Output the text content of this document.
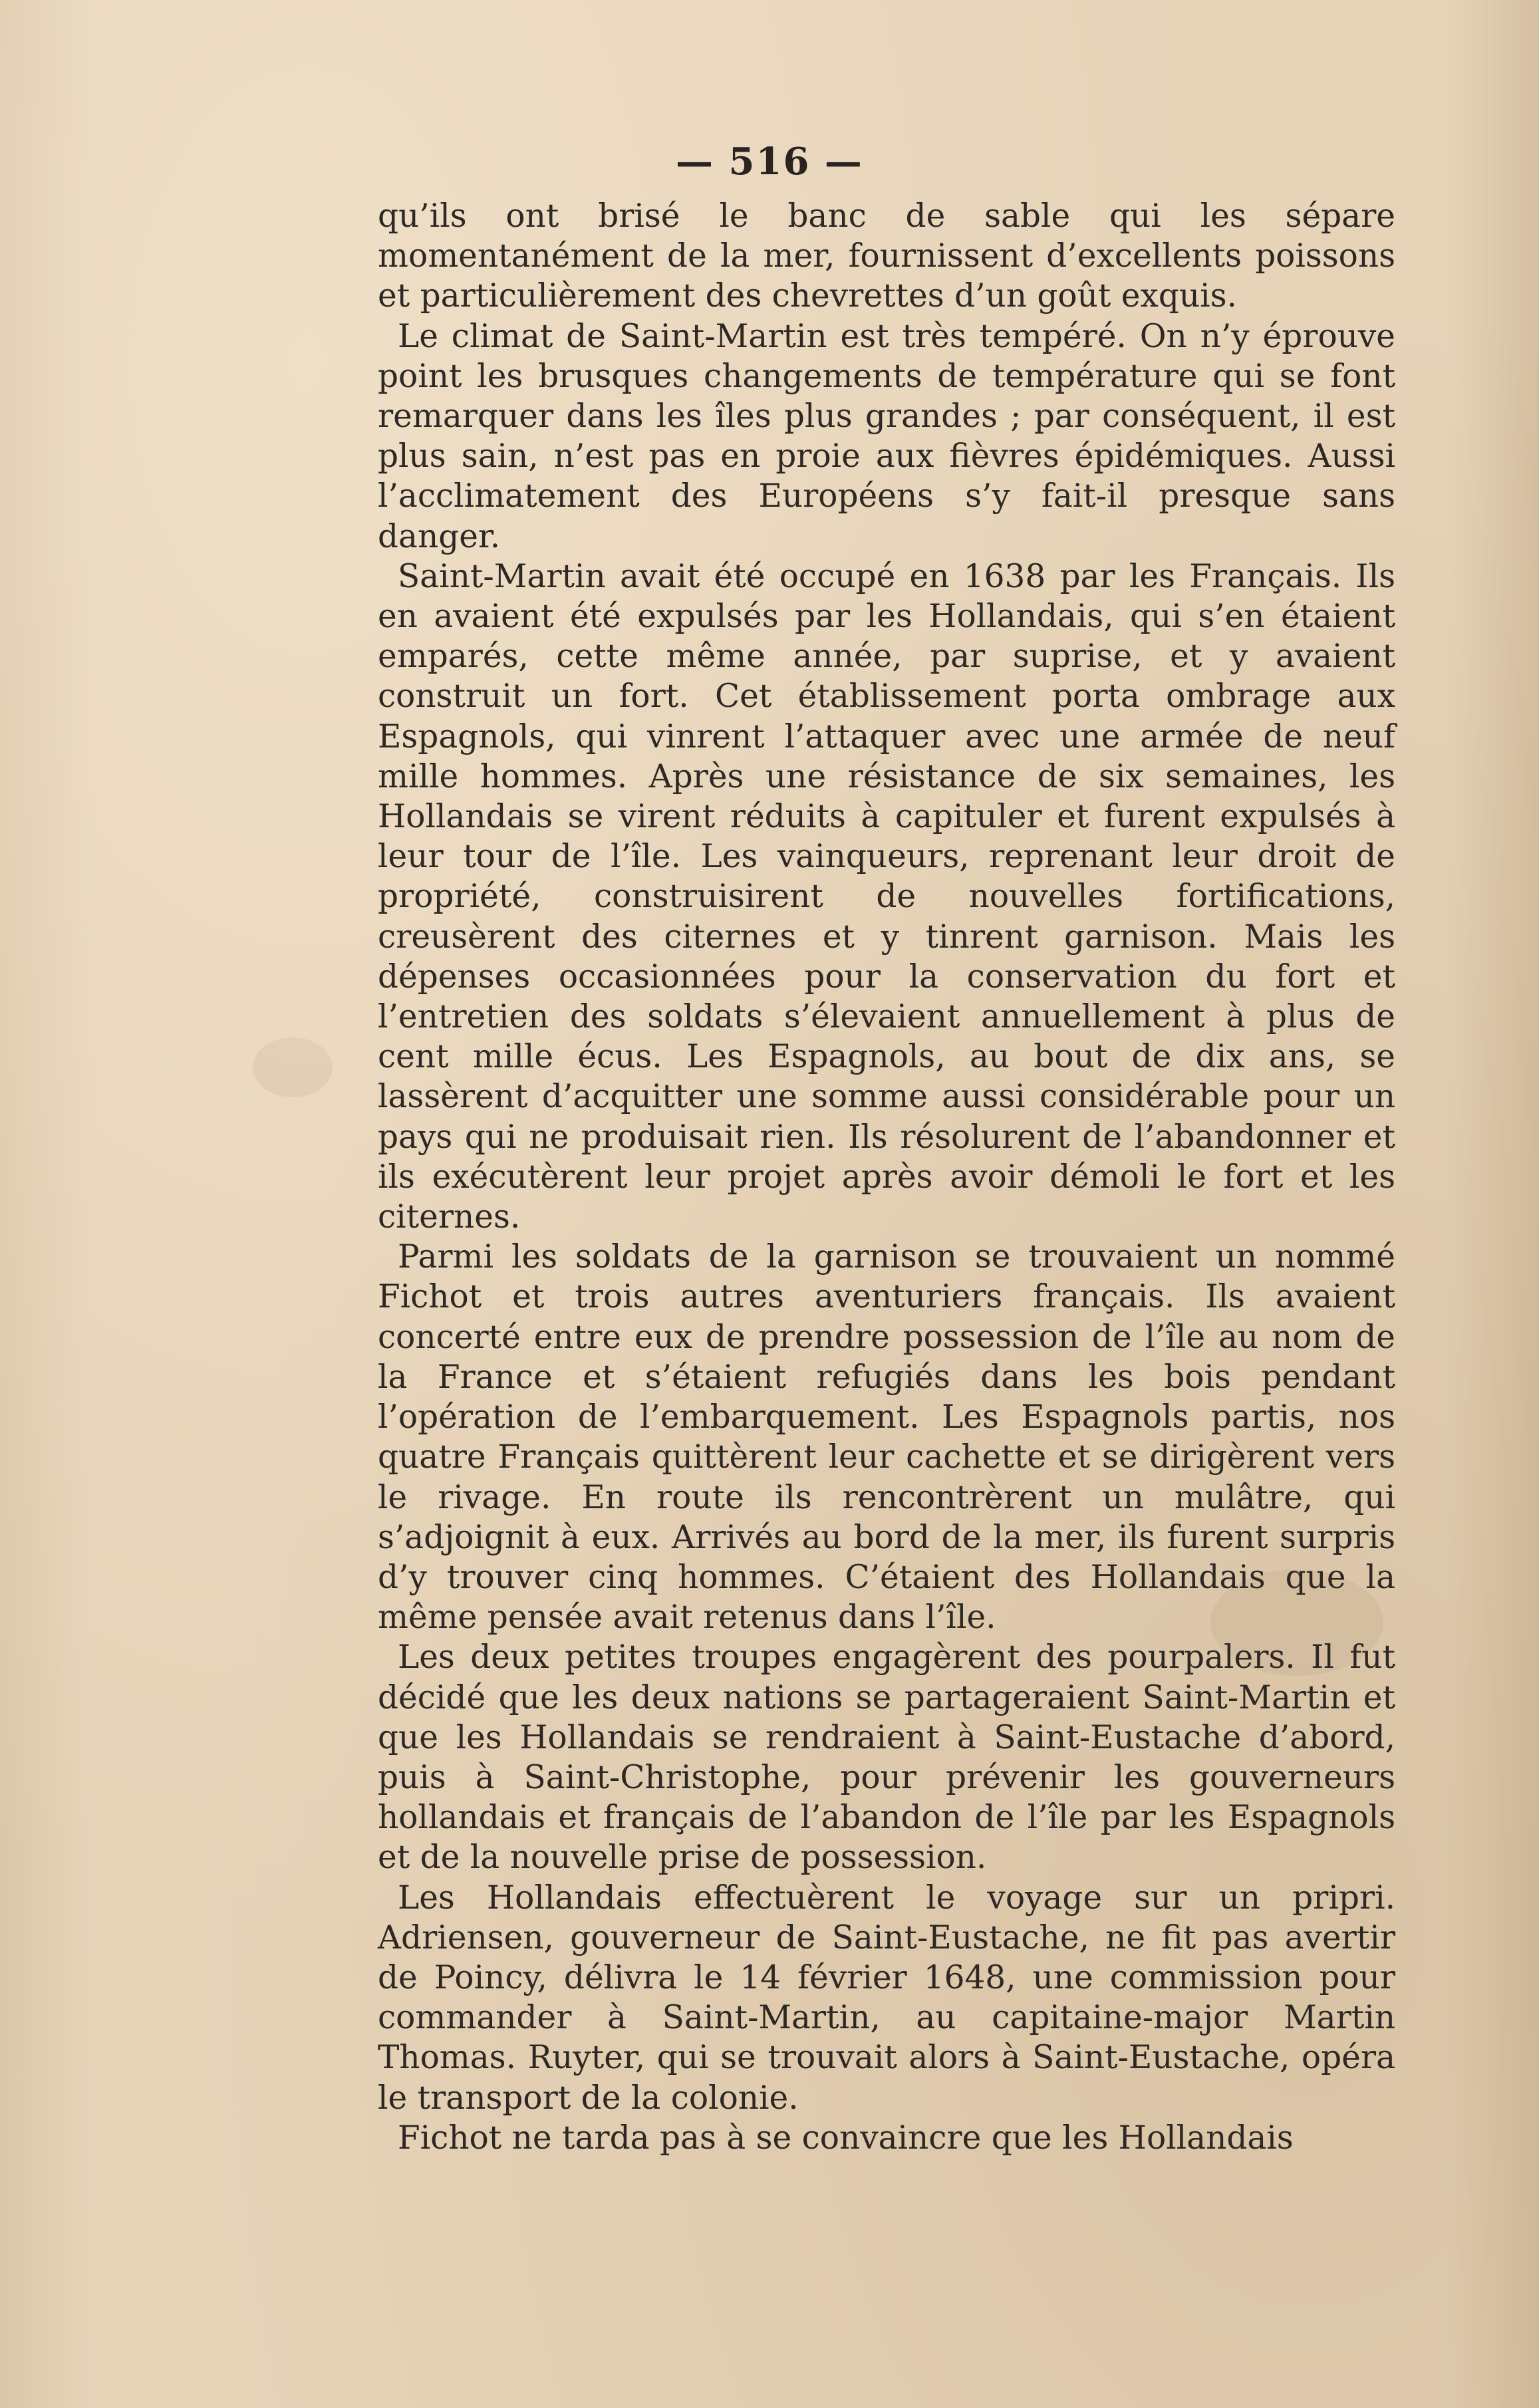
— 516 —

qu’ils ont brisé le banc de sable qui les sépare momentanément de la mer, fournissent d’excellents poissons et particulièrement des chevrettes d’un goût exquis.

Le climat de Saint-Martin est très tempéré. On n’y éprouve point les brusques changements de température qui se font remarquer dans les îles plus grandes ; par conséquent, il est plus sain, n’est pas en proie aux fièvres épidémiques. Aussi l’acclimatement des Européens s’y fait-il presque sans danger.

Saint-Martin avait été occupé en 1638 par les Français. Ils en avaient été expulsés par les Hollandais, qui s’en étaient emparés, cette même année, par suprise, et y avaient construit un fort. Cet établissement porta ombrage aux Espagnols, qui vinrent l’attaquer avec une armée de neuf mille hommes. Après une résistance de six semaines, les Hollandais se virent réduits à capituler et furent expulsés à leur tour de l’île. Les vainqueurs, reprenant leur droit de propriété, construisirent de nouvelles fortifications, creusèrent des citernes et y tinrent garnison. Mais les dépenses occasionnées pour la conservation du fort et l’entretien des soldats s’élevaient annuellement à plus de cent mille écus. Les Espagnols, au bout de dix ans, se lassèrent d’acquitter une somme aussi considérable pour un pays qui ne produisait rien. Ils résolurent de l’abandonner et ils exécutèrent leur projet après avoir démoli le fort et les citernes.

Parmi les soldats de la garnison se trouvaient un nommé Fichot et trois autres aventuriers français. Ils avaient concerté entre eux de prendre possession de l’île au nom de la France et s’étaient refugiés dans les bois pendant l’opération de l’embarquement. Les Espagnols partis, nos quatre Français quittèrent leur cachette et se dirigèrent vers le rivage. En route ils rencontrèrent un mulâtre, qui s’adjoignit à eux. Arrivés au bord de la mer, ils furent surpris d’y trouver cinq hommes. C’étaient des Hollandais que la même pensée avait retenus dans l’île.

Les deux petites troupes engagèrent des pourpalers. Il fut décidé que les deux nations se partageraient Saint-Martin et que les Hollandais se rendraient à Saint-Eustache d’abord, puis à Saint-Christophe, pour prévenir les gouverneurs hollandais et français de l’abandon de l’île par les Espagnols et de la nouvelle prise de possession.

Les Hollandais effectuèrent le voyage sur un pripri. Adriensen, gouverneur de Saint-Eustache, ne fit pas avertir de Poincy, délivra le 14 février 1648, une commission pour commander à Saint-Martin, au capitaine-major Martin Thomas. Ruyter, qui se trouvait alors à Saint-Eustache, opéra le transport de la colonie.

Fichot ne tarda pas à se convaincre que les Hollandais
